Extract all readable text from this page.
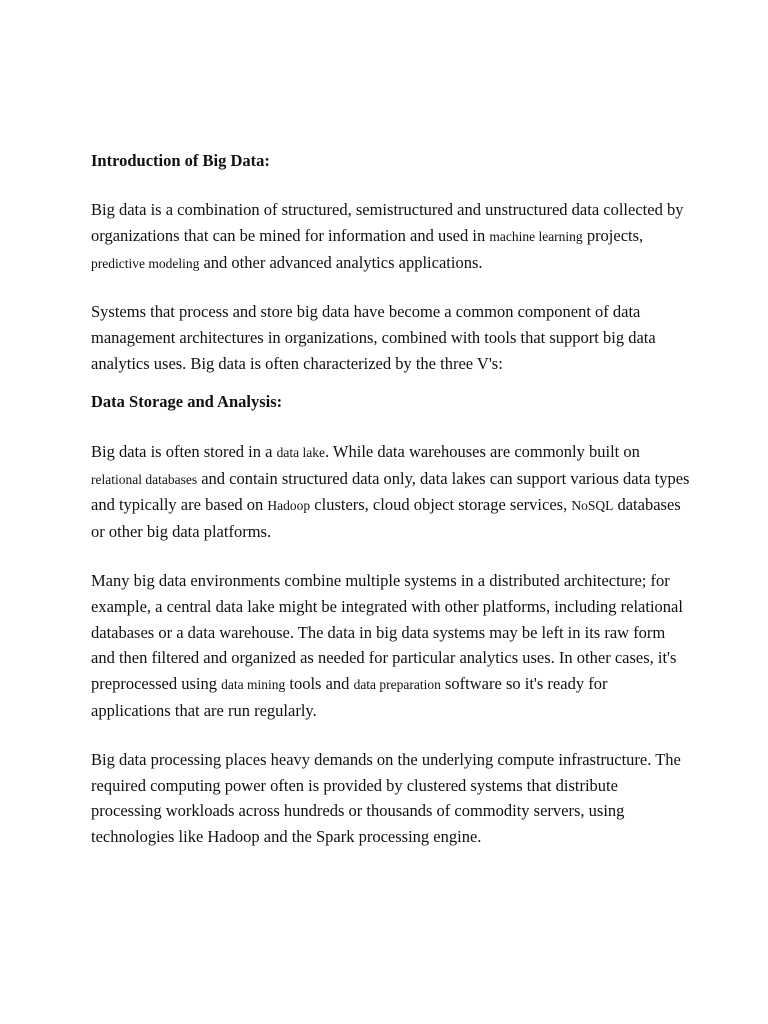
Introduction of Big Data:

Big data is a combination of structured, semistructured and unstructured data collected by organizations that can be mined for information and used in machine learning projects, predictive modeling and other advanced analytics applications.

Systems that process and store big data have become a common component of data management architectures in organizations, combined with tools that support big data analytics uses. Big data is often characterized by the three V's:

Data Storage and Analysis:

Big data is often stored in a data lake. While data warehouses are commonly built on relational databases and contain structured data only, data lakes can support various data types and typically are based on Hadoop clusters, cloud object storage services, NoSQL databases or other big data platforms.

Many big data environments combine multiple systems in a distributed architecture; for example, a central data lake might be integrated with other platforms, including relational databases or a data warehouse. The data in big data systems may be left in its raw form and then filtered and organized as needed for particular analytics uses. In other cases, it's preprocessed using data mining tools and data preparation software so it's ready for applications that are run regularly.

Big data processing places heavy demands on the underlying compute infrastructure. The required computing power often is provided by clustered systems that distribute processing workloads across hundreds or thousands of commodity servers, using technologies like Hadoop and the Spark processing engine.
